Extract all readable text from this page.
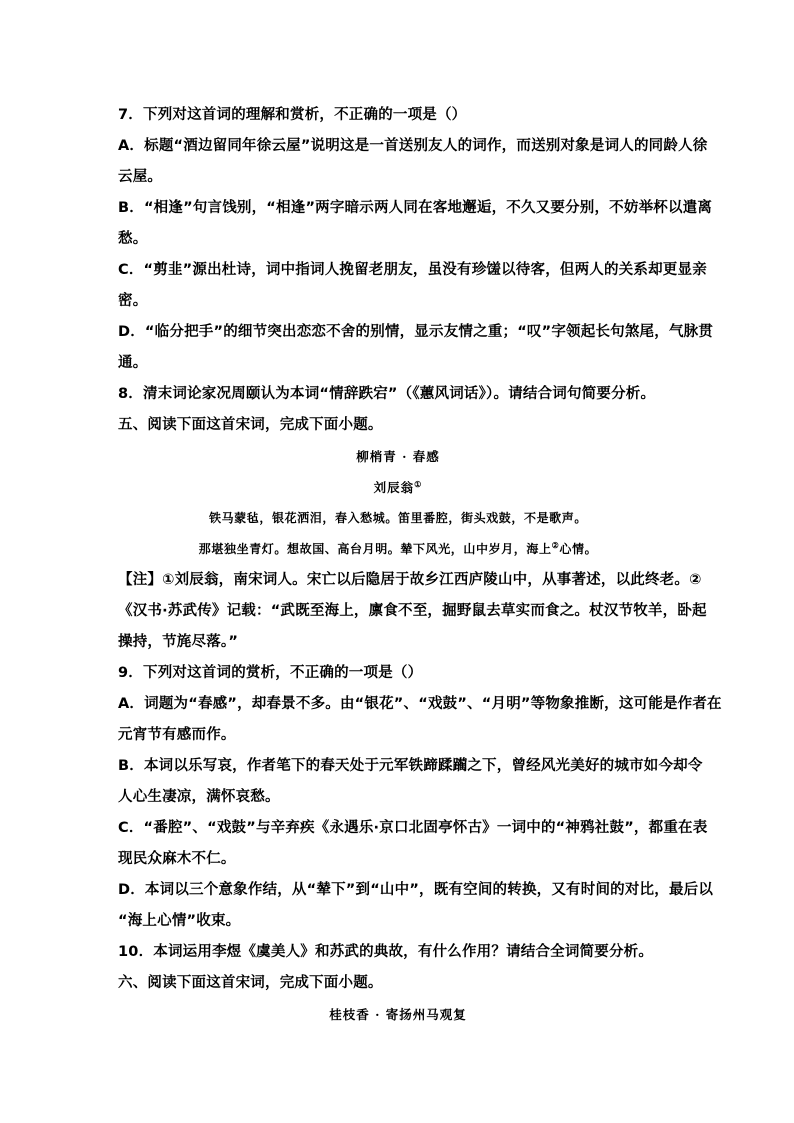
7．下列对这首词的理解和赏析，不正确的一项是（）
A．标题“酒边留同年徐云屋”说明这是一首送别友人的词作，而送别对象是词人的同龄人徐
云屋。
B．“相逢”句言饯别，“相逢”两字暗示两人同在客地邂逅，不久又要分别，不妨举杯以遣离
愁。
C．“剪韭”源出杜诗，词中指词人挽留老朋友，虽没有珍馐以待客，但两人的关系却更显亲
密。
D．“临分把手”的细节突出恋恋不舍的别情，显示友情之重；“叹”字领起长句煞尾，气脉贯
通。
8．清末词论家况周颐认为本词“情辞跌宕”（《蕙风词话》）。请结合词句简要分析。
五、阅读下面这首宋词，完成下面小题。
柳梢青 · 春感
刘辰翁①
铁马蒙毡，银花洒泪，春入愁城。笛里番腔，街头戏鼓，不是歌声。
那堪独坐青灯。想故国、高台月明。辇下风光，山中岁月，海上②心情。
【注】①刘辰翁，南宋词人。宋亡以后隐居于故乡江西庐陵山中，从事著述，以此终老。②
《汉书·苏武传》记载：“武既至海上，廪食不至，掘野鼠去草实而食之。杖汉节牧羊，卧起
操持，节旄尽落。”
9．下列对这首词的赏析，不正确的一项是（）
A．词题为“春感”，却春景不多。由“银花”、“戏鼓”、“月明”等物象推断，这可能是作者在
元宵节有感而作。
B．本词以乐写哀，作者笔下的春天处于元军铁蹄蹂躏之下，曾经风光美好的城市如今却令
人心生凄凉，满怀哀愁。
C．“番腔”、“戏鼓”与辛弃疾《永遇乐·京口北固亭怀古》一词中的“神鸦社鼓”，都重在表
现民众麻木不仁。
D．本词以三个意象作结，从“辇下”到“山中”，既有空间的转换，又有时间的对比，最后以
“海上心情”收束。
10．本词运用李煜《虞美人》和苏武的典故，有什么作用？请结合全词简要分析。
六、阅读下面这首宋词，完成下面小题。
桂枝香 · 寄扬州马观复
